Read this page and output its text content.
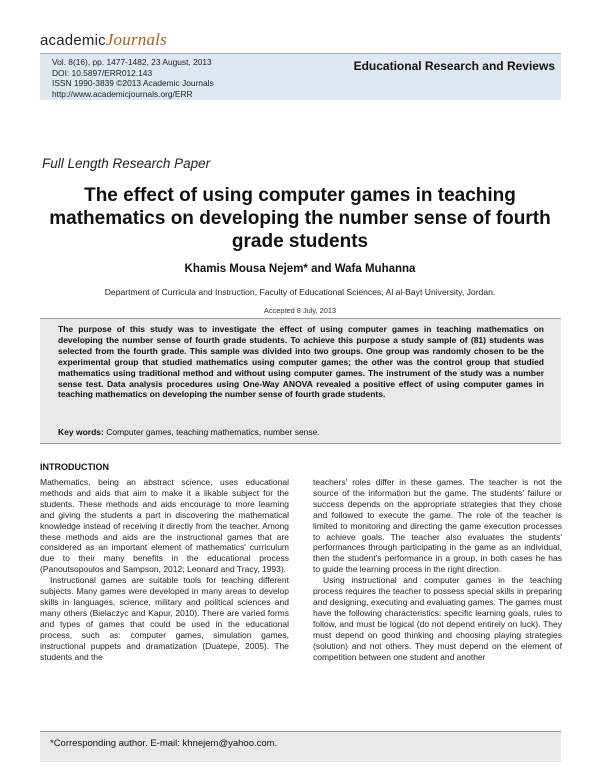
academicJournals
Vol. 8(16), pp. 1477-1482, 23 August, 2013
DOI: 10.5897/ERR012.143
ISSN 1990-3839 ©2013 Academic Journals
http://www.academicjournals.org/ERR
Educational Research and Reviews
Full Length Research Paper
The effect of using computer games in teaching mathematics on developing the number sense of fourth grade students
Khamis Mousa Nejem* and Wafa Muhanna
Department of Curricula and Instruction, Faculty of Educational Sciences, Al al-Bayt University, Jordan.
Accepted 8 July, 2013

The purpose of this study was to investigate the effect of using computer games in teaching mathematics on developing the number sense of fourth grade students. To achieve this purpose a study sample of (81) students was selected from the fourth grade. This sample was divided into two groups. One group was randomly chosen to be the experimental group that studied mathematics using computer games; the other was the control group that studied mathematics using traditional method and without using computer games. The instrument of the study was a number sense test. Data analysis procedures using One-Way ANOVA revealed a positive effect of using computer games in teaching mathematics on developing the number sense of fourth grade students.

Key words: Computer games, teaching mathematics, number sense.
INTRODUCTION

Mathematics, being an abstract science, uses educational methods and aids that aim to make it a likable subject for the students. These methods and aids encourage to more learning and giving the students a part in discovering the mathematical knowledge instead of receiving it directly from the teacher. Among these methods and aids are the instructional games that are considered as an important element of mathematics' curriculum due to their many benefits in the educational process (Panoutsopoulos and Sampson, 2012; Leonard and Tracy, 1993).

Instructional games are suitable tools for teaching different subjects. Many games were developed in many areas to develop skills in languages, science, military and political sciences and many others (Bielaczyc and Kapur, 2010). There are varied forms and types of games that could be used in the educational process, such as: computer games, simulation games, instructional puppets and dramatization (Duatepe, 2005). The students and the

teachers' roles differ in these games. The teacher is not the source of the information but the game. The students' failure or success depends on the appropriate strategies that they chose and followed to execute the game. The role of the teacher is limited to monitoring and directing the game execution processes to achieve goals. The teacher also evaluates the students' performances through participating in the game as an individual, then the student's performance in a group, in both cases he has to guide the learning process in the right direction.

Using instructional and computer games in the teaching process requires the teacher to possess special skills in preparing and designing, executing and evaluating games. The games must have the following characteristics: specific learning goals, rules to follow, and must be logical (do not depend entirely on luck). They must depend on good thinking and choosing playing strategies (solution) and not others. They must depend on the element of competition between one student and another

*Corresponding author. E-mail: khnejem@yahoo.com.
